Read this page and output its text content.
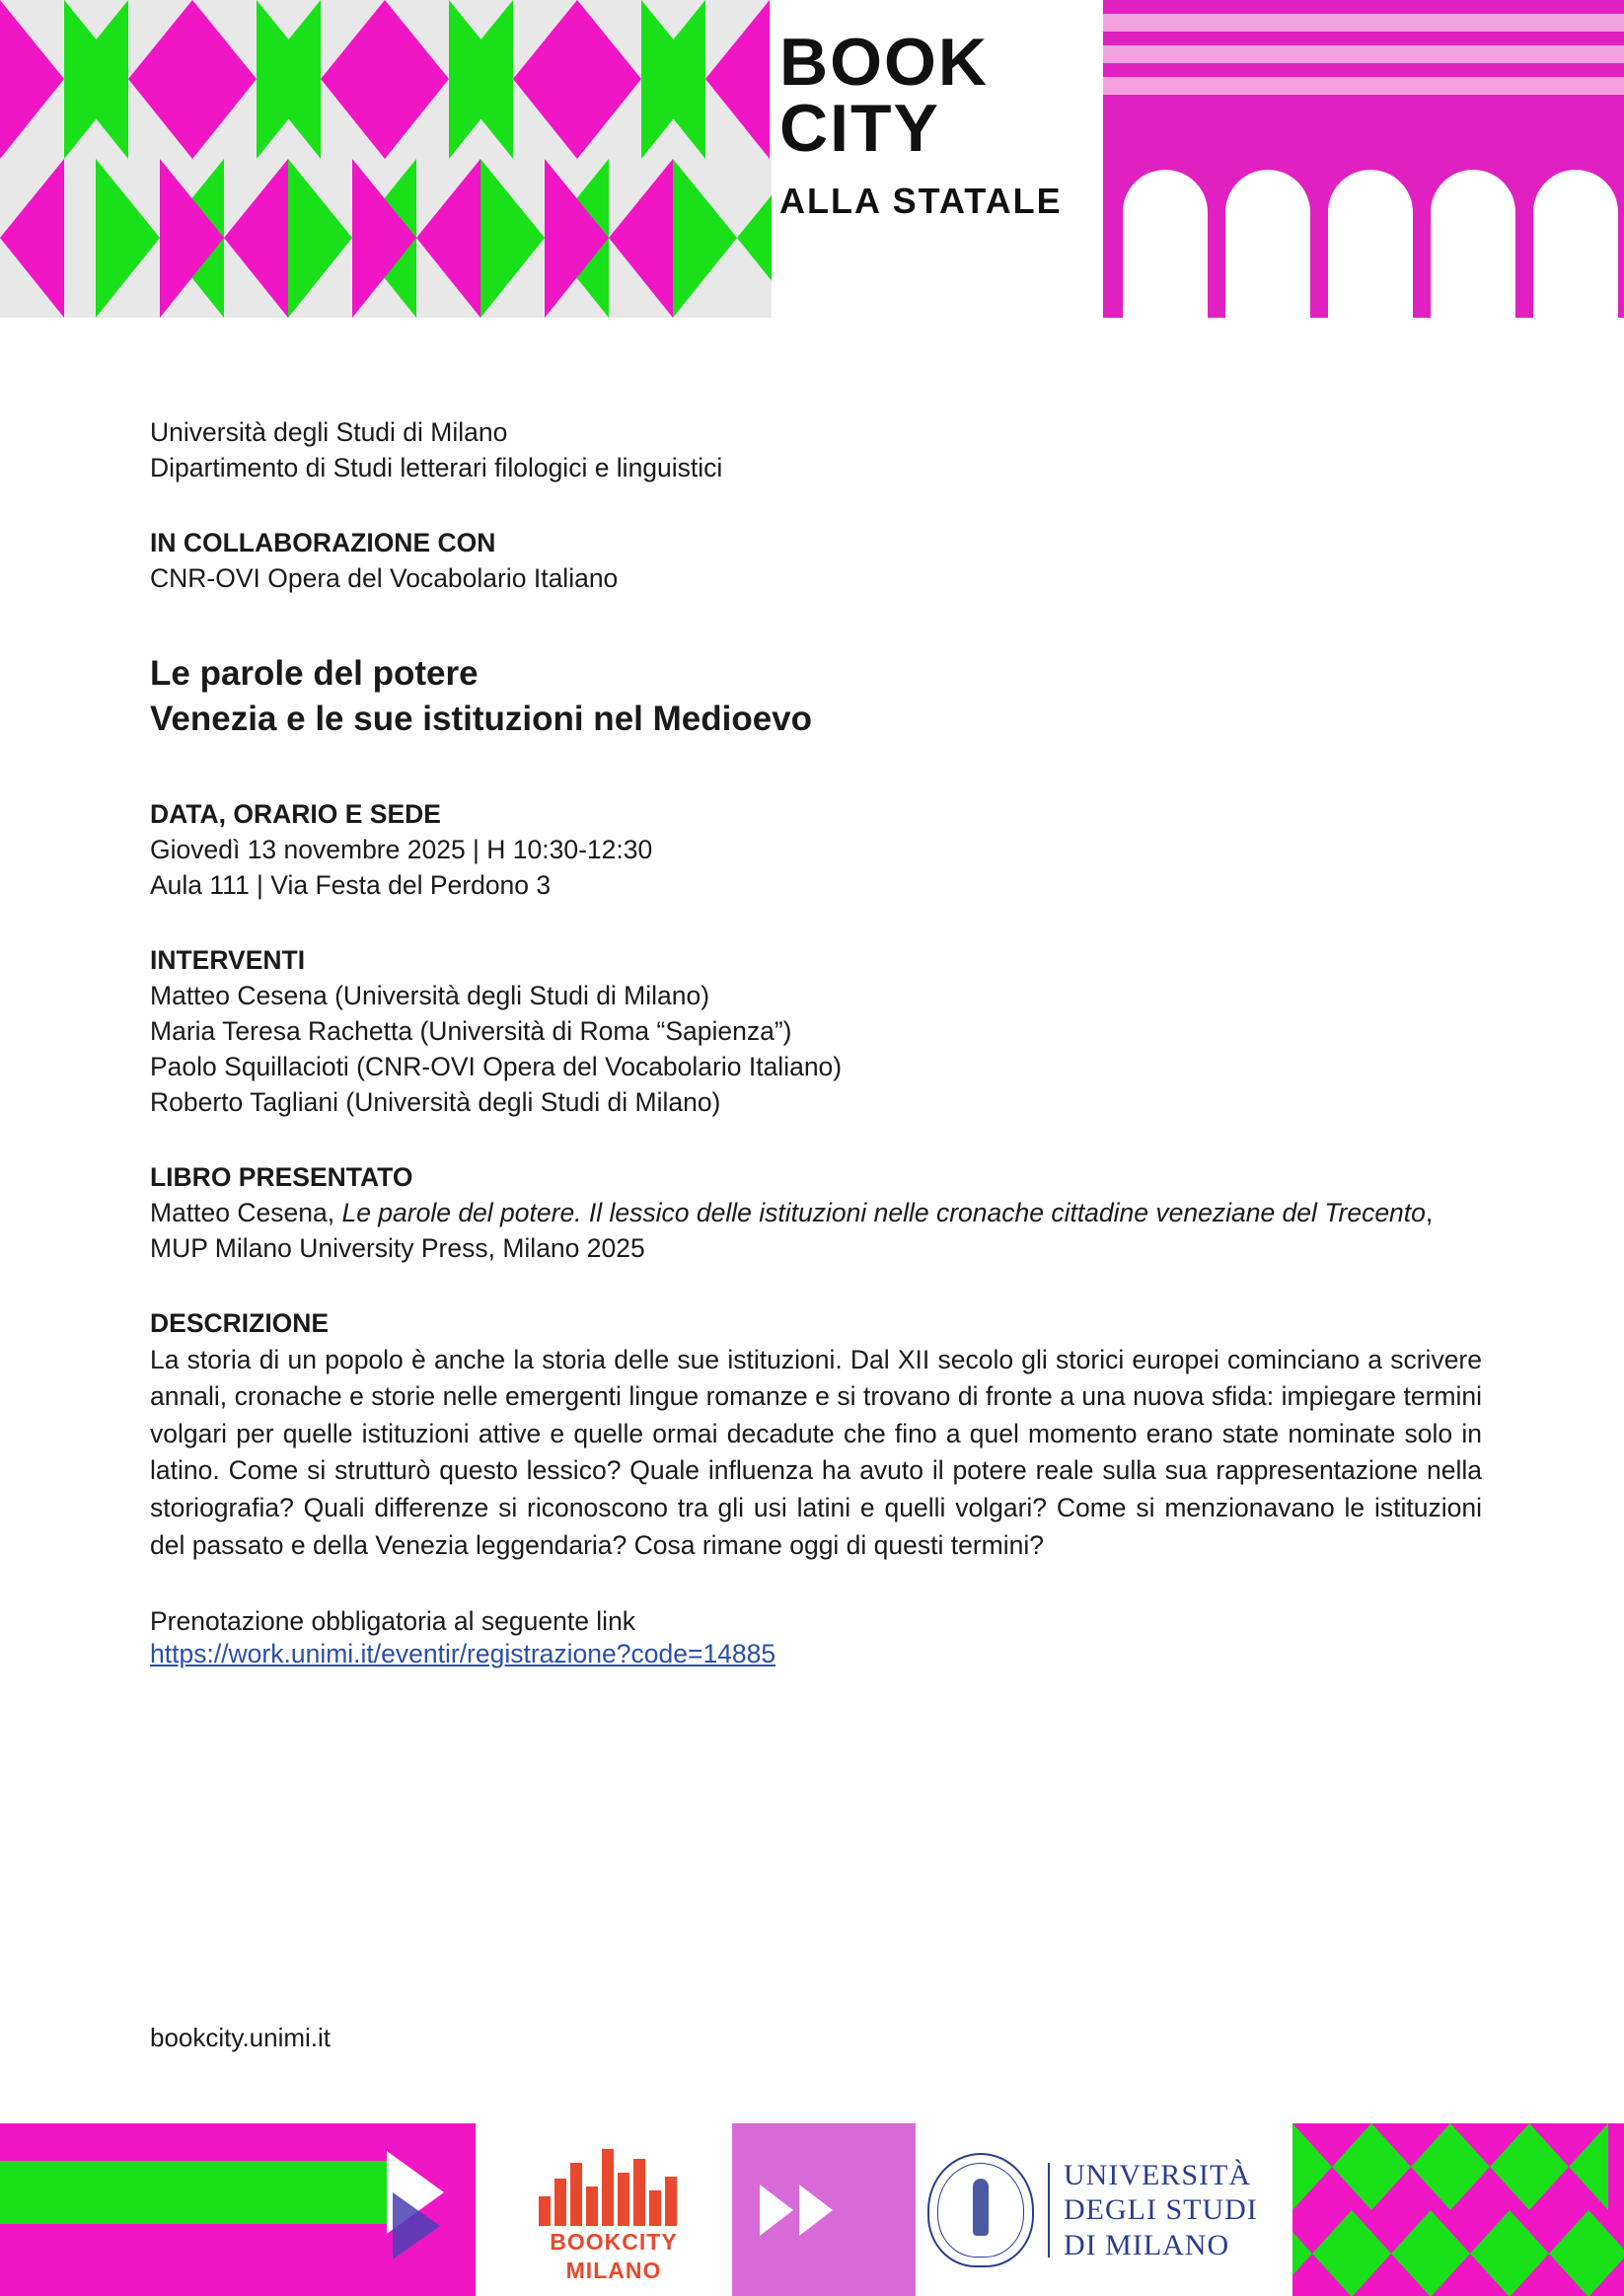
BOOK
CITY
ALLA STATALE

Università degli Studi di Milano

Dipartimento di Studi letterari filologici e linguistici

IN COLLABORAZIONE CON

CNR-OVI Opera del Vocabolario Italiano

Le parole del potere

Venezia e le sue istituzioni nel Medioevo

DATA, ORARIO E SEDE

Giovedì 13 novembre 2025 | H 10:30-12:30

Aula 111 | Via Festa del Perdono 3

INTERVENTI

Matteo Cesena (Università degli Studi di Milano)

Maria Teresa Rachetta (Università di Roma “Sapienza”)

Paolo Squillacioti (CNR-OVI Opera del Vocabolario Italiano)

Roberto Tagliani (Università degli Studi di Milano)

LIBRO PRESENTATO

Matteo Cesena, Le parole del potere. Il lessico delle istituzioni nelle cronache cittadine veneziane del Trecento, MUP Milano University Press, Milano 2025

DESCRIZIONE

La storia di un popolo è anche la storia delle sue istituzioni. Dal XII secolo gli storici europei cominciano a scrivere annali, cronache e storie nelle emergenti lingue romanze e si trovano di fronte a una nuova sfida: impiegare termini volgari per quelle istituzioni attive e quelle ormai decadute che fino a quel momento erano state nominate solo in latino. Come si strutturò questo lessico? Quale influenza ha avuto il potere reale sulla sua rappresentazione nella storiografia? Quali differenze si riconoscono tra gli usi latini e quelli volgari? Come si menzionavano le istituzioni del passato e della Venezia leggendaria? Cosa rimane oggi di questi termini?

Prenotazione obbligatoria al seguente link

https://work.unimi.it/eventir/registrazione?code=14885
bookcity.unimi.it
BOOKCITY
MILANO
UNIVERSITÀ
DEGLI STUDI
DI MILANO
